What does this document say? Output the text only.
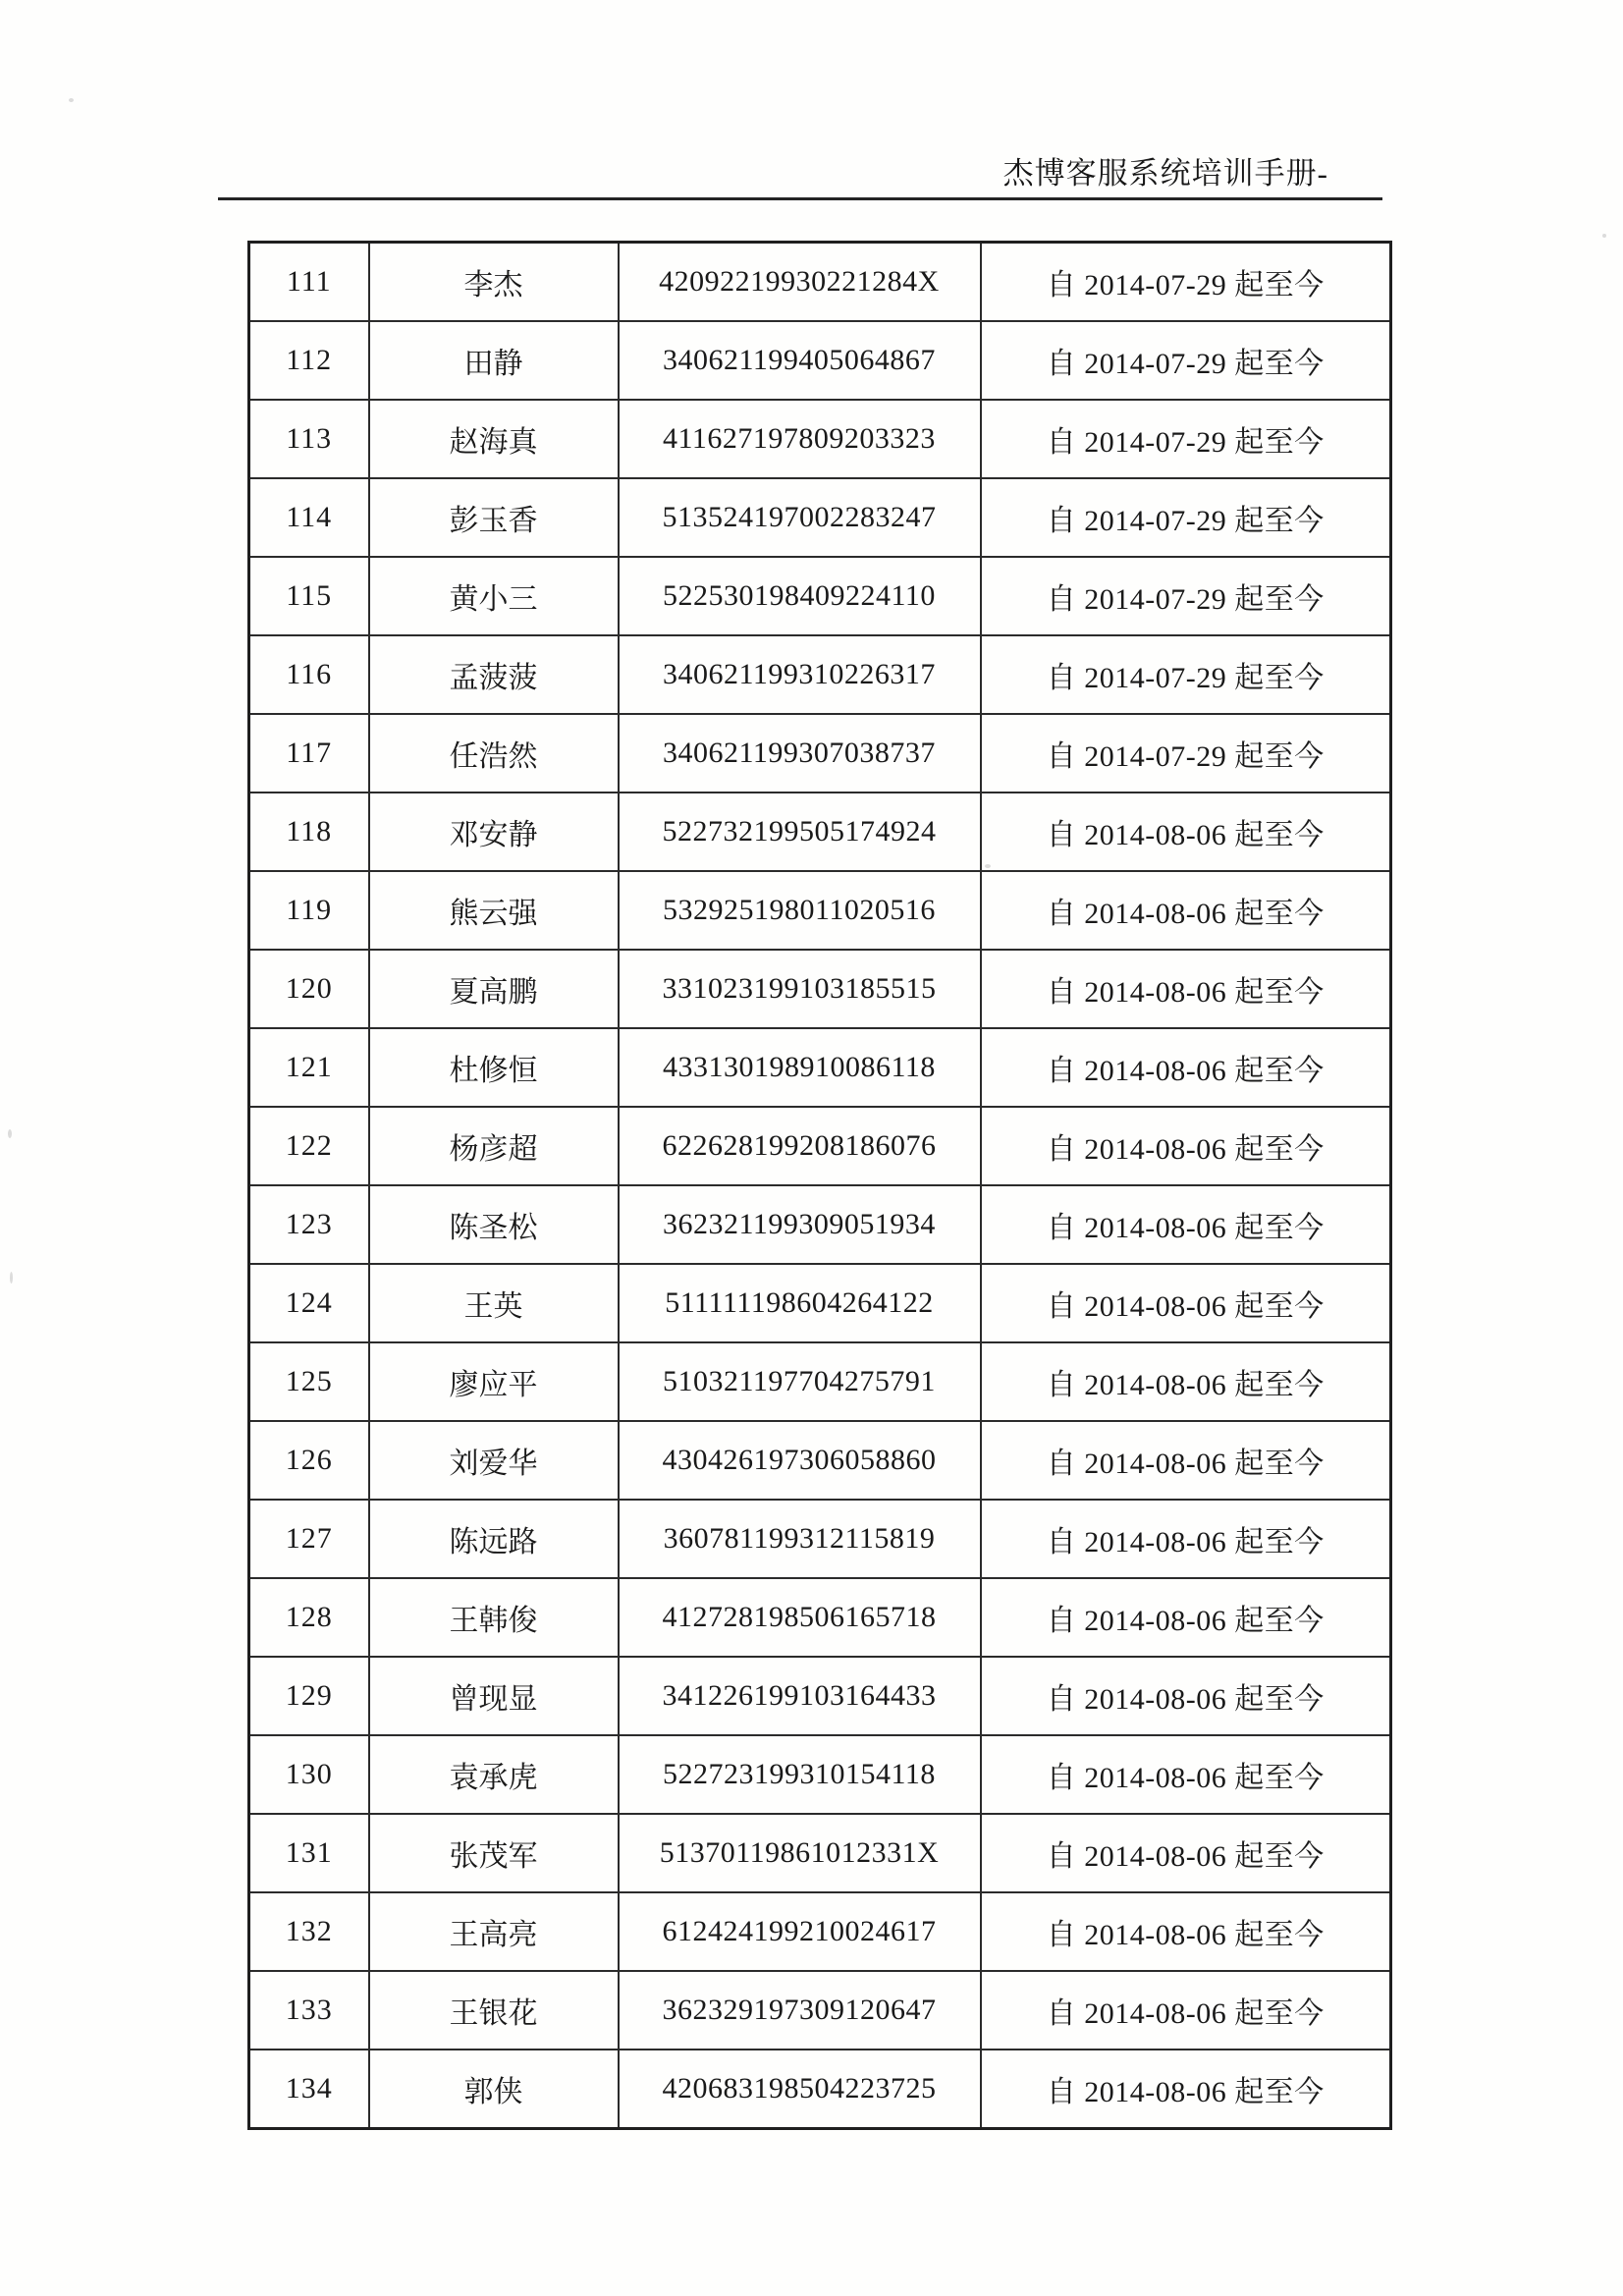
杰博客服系统培训手册-
111	李杰	42092219930221284X	自 2014-07-29 起至今
112	田静	340621199405064867	自 2014-07-29 起至今
113	赵海真	411627197809203323	自 2014-07-29 起至今
114	彭玉香	513524197002283247	自 2014-07-29 起至今
115	黄小三	522530198409224110	自 2014-07-29 起至今
116	孟菠菠	340621199310226317	自 2014-07-29 起至今
117	任浩然	340621199307038737	自 2014-07-29 起至今
118	邓安静	522732199505174924	自 2014-08-06 起至今
119	熊云强	532925198011020516	自 2014-08-06 起至今
120	夏高鹏	331023199103185515	自 2014-08-06 起至今
121	杜修恒	433130198910086118	自 2014-08-06 起至今
122	杨彦超	622628199208186076	自 2014-08-06 起至今
123	陈圣松	362321199309051934	自 2014-08-06 起至今
124	王英	511111198604264122	自 2014-08-06 起至今
125	廖应平	510321197704275791	自 2014-08-06 起至今
126	刘爱华	430426197306058860	自 2014-08-06 起至今
127	陈远路	360781199312115819	自 2014-08-06 起至今
128	王韩俊	412728198506165718	自 2014-08-06 起至今
129	曾现显	341226199103164433	自 2014-08-06 起至今
130	袁承虎	522723199310154118	自 2014-08-06 起至今
131	张茂军	51370119861012331X	自 2014-08-06 起至今
132	王高亮	612424199210024617	自 2014-08-06 起至今
133	王银花	362329197309120647	自 2014-08-06 起至今
134	郭侠	420683198504223725	自 2014-08-06 起至今
